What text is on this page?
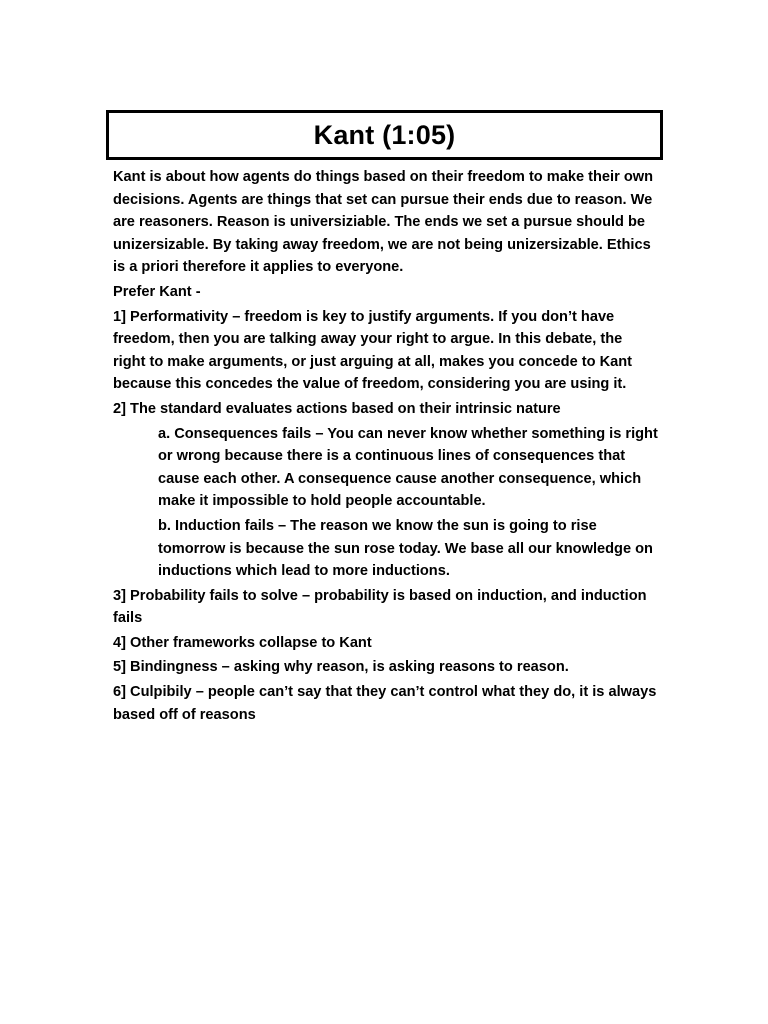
Kant (1:05)

Kant is about how agents do things based on their freedom to make their own decisions. Agents are things that set can pursue their ends due to reason. We are reasoners. Reason is universiziable. The ends we set a pursue should be unizersizable. By taking away freedom, we are not being unizersizable. Ethics is a priori therefore it applies to everyone.

Prefer Kant -

1] Performativity – freedom is key to justify arguments. If you don’t have freedom, then you are talking away your right to argue. In this debate, the right to make arguments, or just arguing at all, makes you concede to Kant because this concedes the value of freedom, considering you are using it.

2] The standard evaluates actions based on their intrinsic nature

a. Consequences fails – You can never know whether something is right or wrong because there is a continuous lines of consequences that cause each other. A consequence cause another consequence, which make it impossible to hold people accountable.

b. Induction fails – The reason we know the sun is going to rise tomorrow is because the sun rose today. We base all our knowledge on inductions which lead to more inductions.

3] Probability fails to solve – probability is based on induction, and induction fails

4] Other frameworks collapse to Kant

5] Bindingness – asking why reason, is asking reasons to reason.

6] Culpibily – people can’t say that they can’t control what they do, it is always based off of reasons
